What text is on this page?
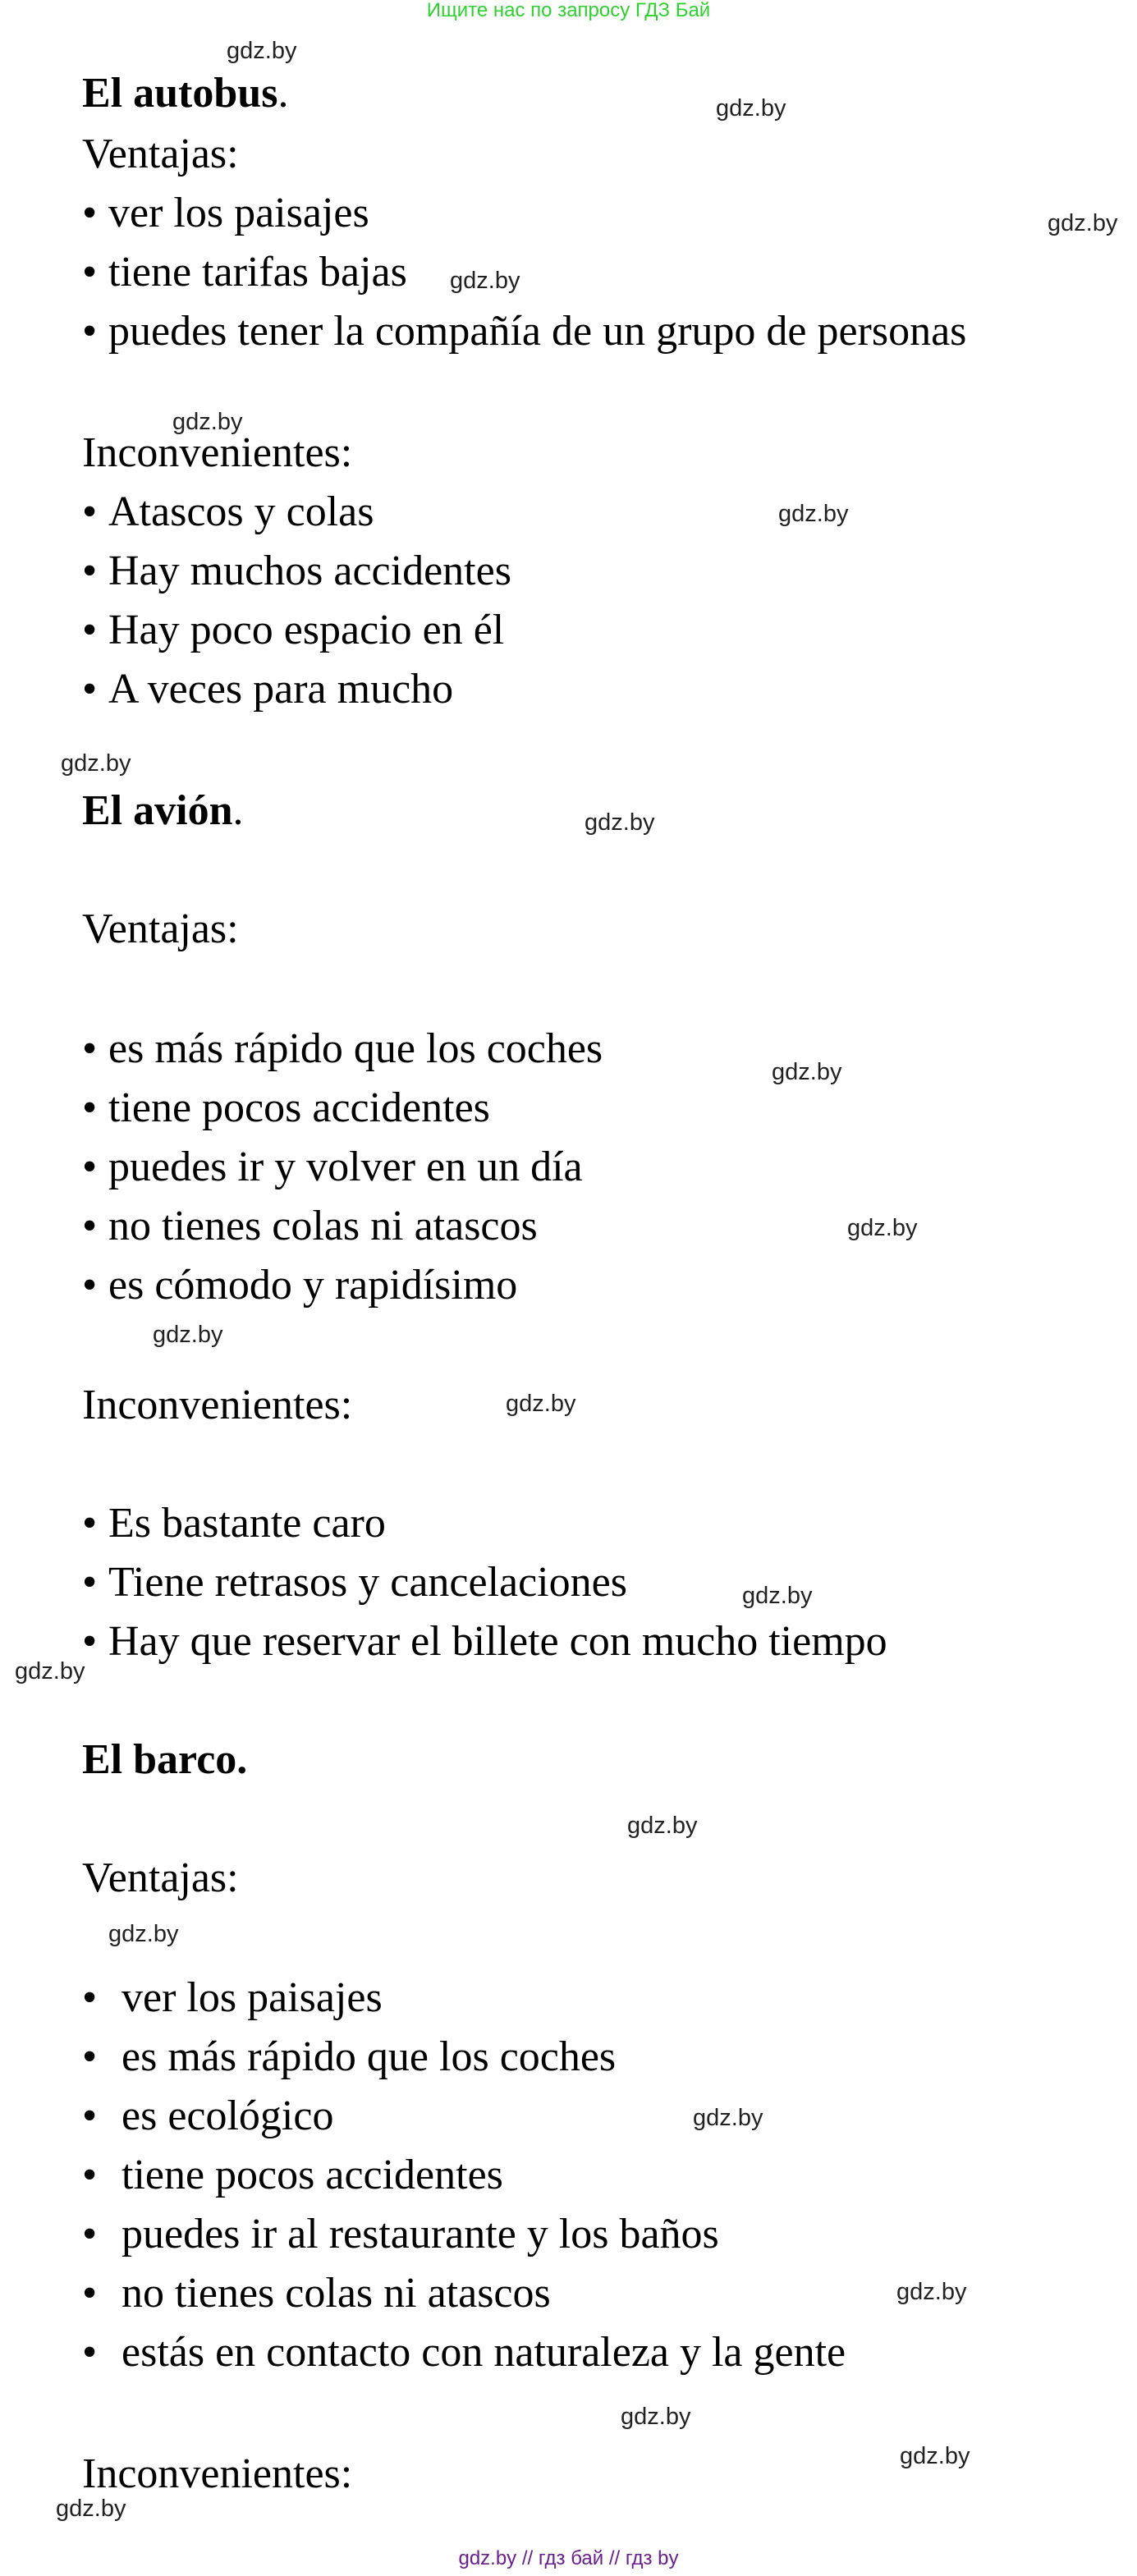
Ищите нас по запросу ГДЗ Бай
El autobus.
Ventajas:
• ver los paisajes
• tiene tarifas bajas
• puedes tener la compañía de un grupo de personas
Inconvenientes:
• Atascos y colas
• Hay muchos accidentes
• Hay poco espacio en él
• A veces para mucho
El avión.
Ventajas:
• es más rápido que los coches
• tiene pocos accidentes
• puedes ir y volver en un día
• no tienes colas ni atascos
• es cómodo y rapidísimo
Inconvenientes:
• Es bastante caro
• Tiene retrasos y cancelaciones
• Hay que reservar el billete con mucho tiempo
El barco.
Ventajas:
• ver los paisajes
• es más rápido que los coches
• es ecológico
• tiene pocos accidentes
• puedes ir al restaurante y los baños
• no tienes colas ni atascos
• estás en contacto con naturaleza y la gente
Inconvenientes:
gdz.by
gdz.by
gdz.by
gdz.by
gdz.by
gdz.by
gdz.by
gdz.by
gdz.by
gdz.by
gdz.by
gdz.by
gdz.by
gdz.by
gdz.by
gdz.by
gdz.by
gdz.by
gdz.by
gdz.by
gdz.by
gdz.by // гдз бай // гдз by
